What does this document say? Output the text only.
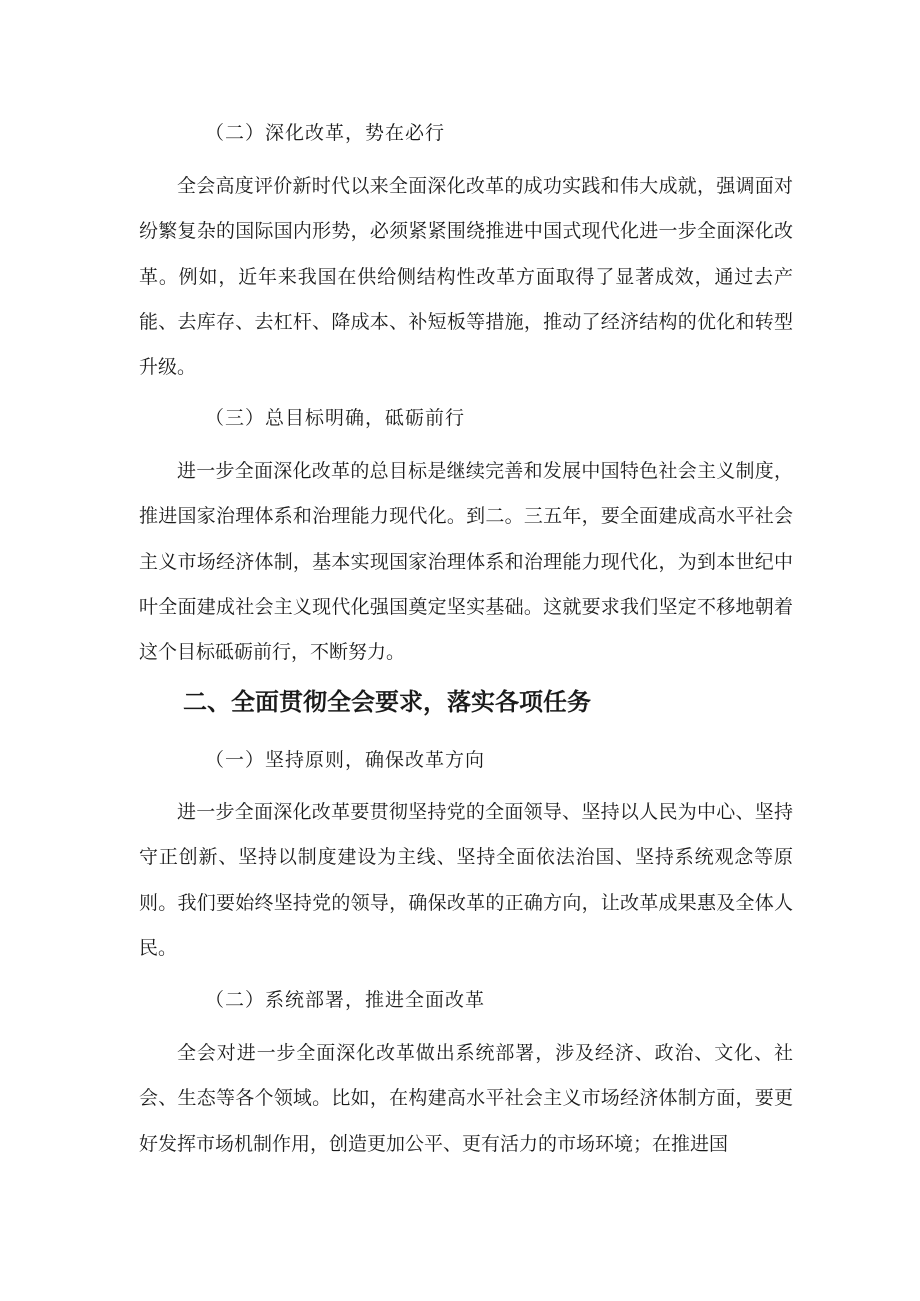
（二）深化改革，势在必行
全会高度评价新时代以来全面深化改革的成功实践和伟大成就，强调面对纷繁复杂的国际国内形势，必须紧紧围绕推进中国式现代化进一步全面深化改革。例如，近年来我国在供给侧结构性改革方面取得了显著成效，通过去产能、去库存、去杠杆、降成本、补短板等措施，推动了经济结构的优化和转型升级。
（三）总目标明确，砥砺前行
进一步全面深化改革的总目标是继续完善和发展中国特色社会主义制度，推进国家治理体系和治理能力现代化。到二。三五年，要全面建成高水平社会主义市场经济体制，基本实现国家治理体系和治理能力现代化，为到本世纪中叶全面建成社会主义现代化强国奠定坚实基础。这就要求我们坚定不移地朝着这个目标砥砺前行，不断努力。
二、全面贯彻全会要求，落实各项任务
（一）坚持原则，确保改革方向
进一步全面深化改革要贯彻坚持党的全面领导、坚持以人民为中心、坚持守正创新、坚持以制度建设为主线、坚持全面依法治国、坚持系统观念等原则。我们要始终坚持党的领导，确保改革的正确方向，让改革成果惠及全体人民。
（二）系统部署，推进全面改革
全会对进一步全面深化改革做出系统部署，涉及经济、政治、文化、社会、生态等各个领域。比如，在构建高水平社会主义市场经济体制方面，要更好发挥市场机制作用，创造更加公平、更有活力的市场环境；在推进国
